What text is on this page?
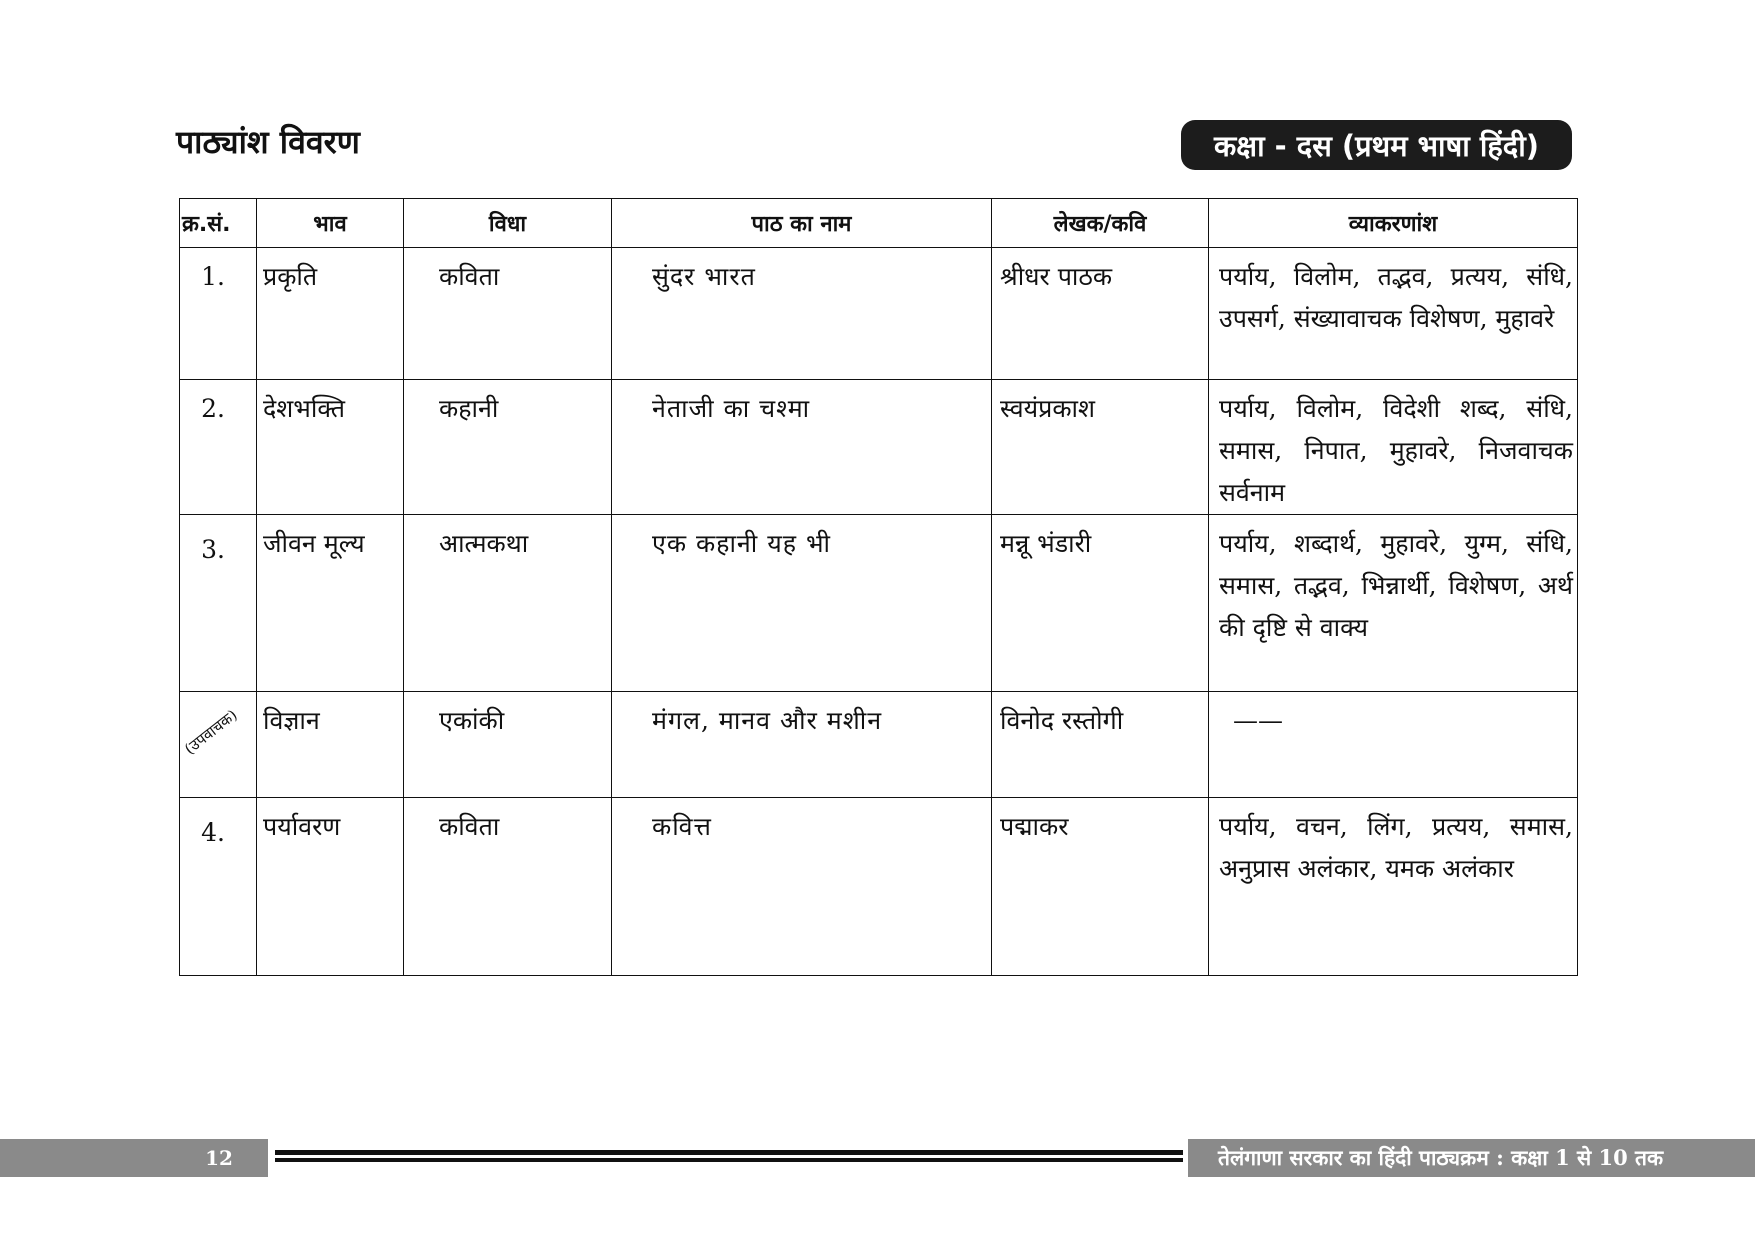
पाठ्यांश विवरण	कक्षा - दस (प्रथम भाषा हिंदी)
क्र.सं.	भाव	विधा	पाठ का नाम	लेखक/कवि	व्याकरणांश

1.	प्रकृति	कविता	सुंदर भारत	श्रीधर पाठक	पर्याय, विलोम, तद्भव, प्रत्यय, संधि, उपसर्ग, संख्यावाचक विशेषण, मुहावरे

2.	देशभक्ति	कहानी	नेताजी का चश्मा	स्वयंप्रकाश	पर्याय, विलोम, विदेशी शब्द, संधि, समास, निपात, मुहावरे, निजवाचक सर्वनाम

3.	जीवन मूल्य	आत्मकथा	एक कहानी यह भी	मन्नू भंडारी	पर्याय, शब्दार्थ, मुहावरे, युग्म, संधि, समास, तद्भव, भिन्नार्थी, विशेषण, अर्थ की दृष्टि से वाक्य

(उपवाचक)	विज्ञान	एकांकी	मंगल, मानव और मशीन	विनोद रस्तोगी	——

4.	पर्यावरण	कविता	कवित्त	पद्माकर	पर्याय, वचन, लिंग, प्रत्यय, समास, अनुप्रास अलंकार, यमक अलंकार
12	तेलंगाणा सरकार का हिंदी पाठ्यक्रम : कक्षा 1 से 10 तक
